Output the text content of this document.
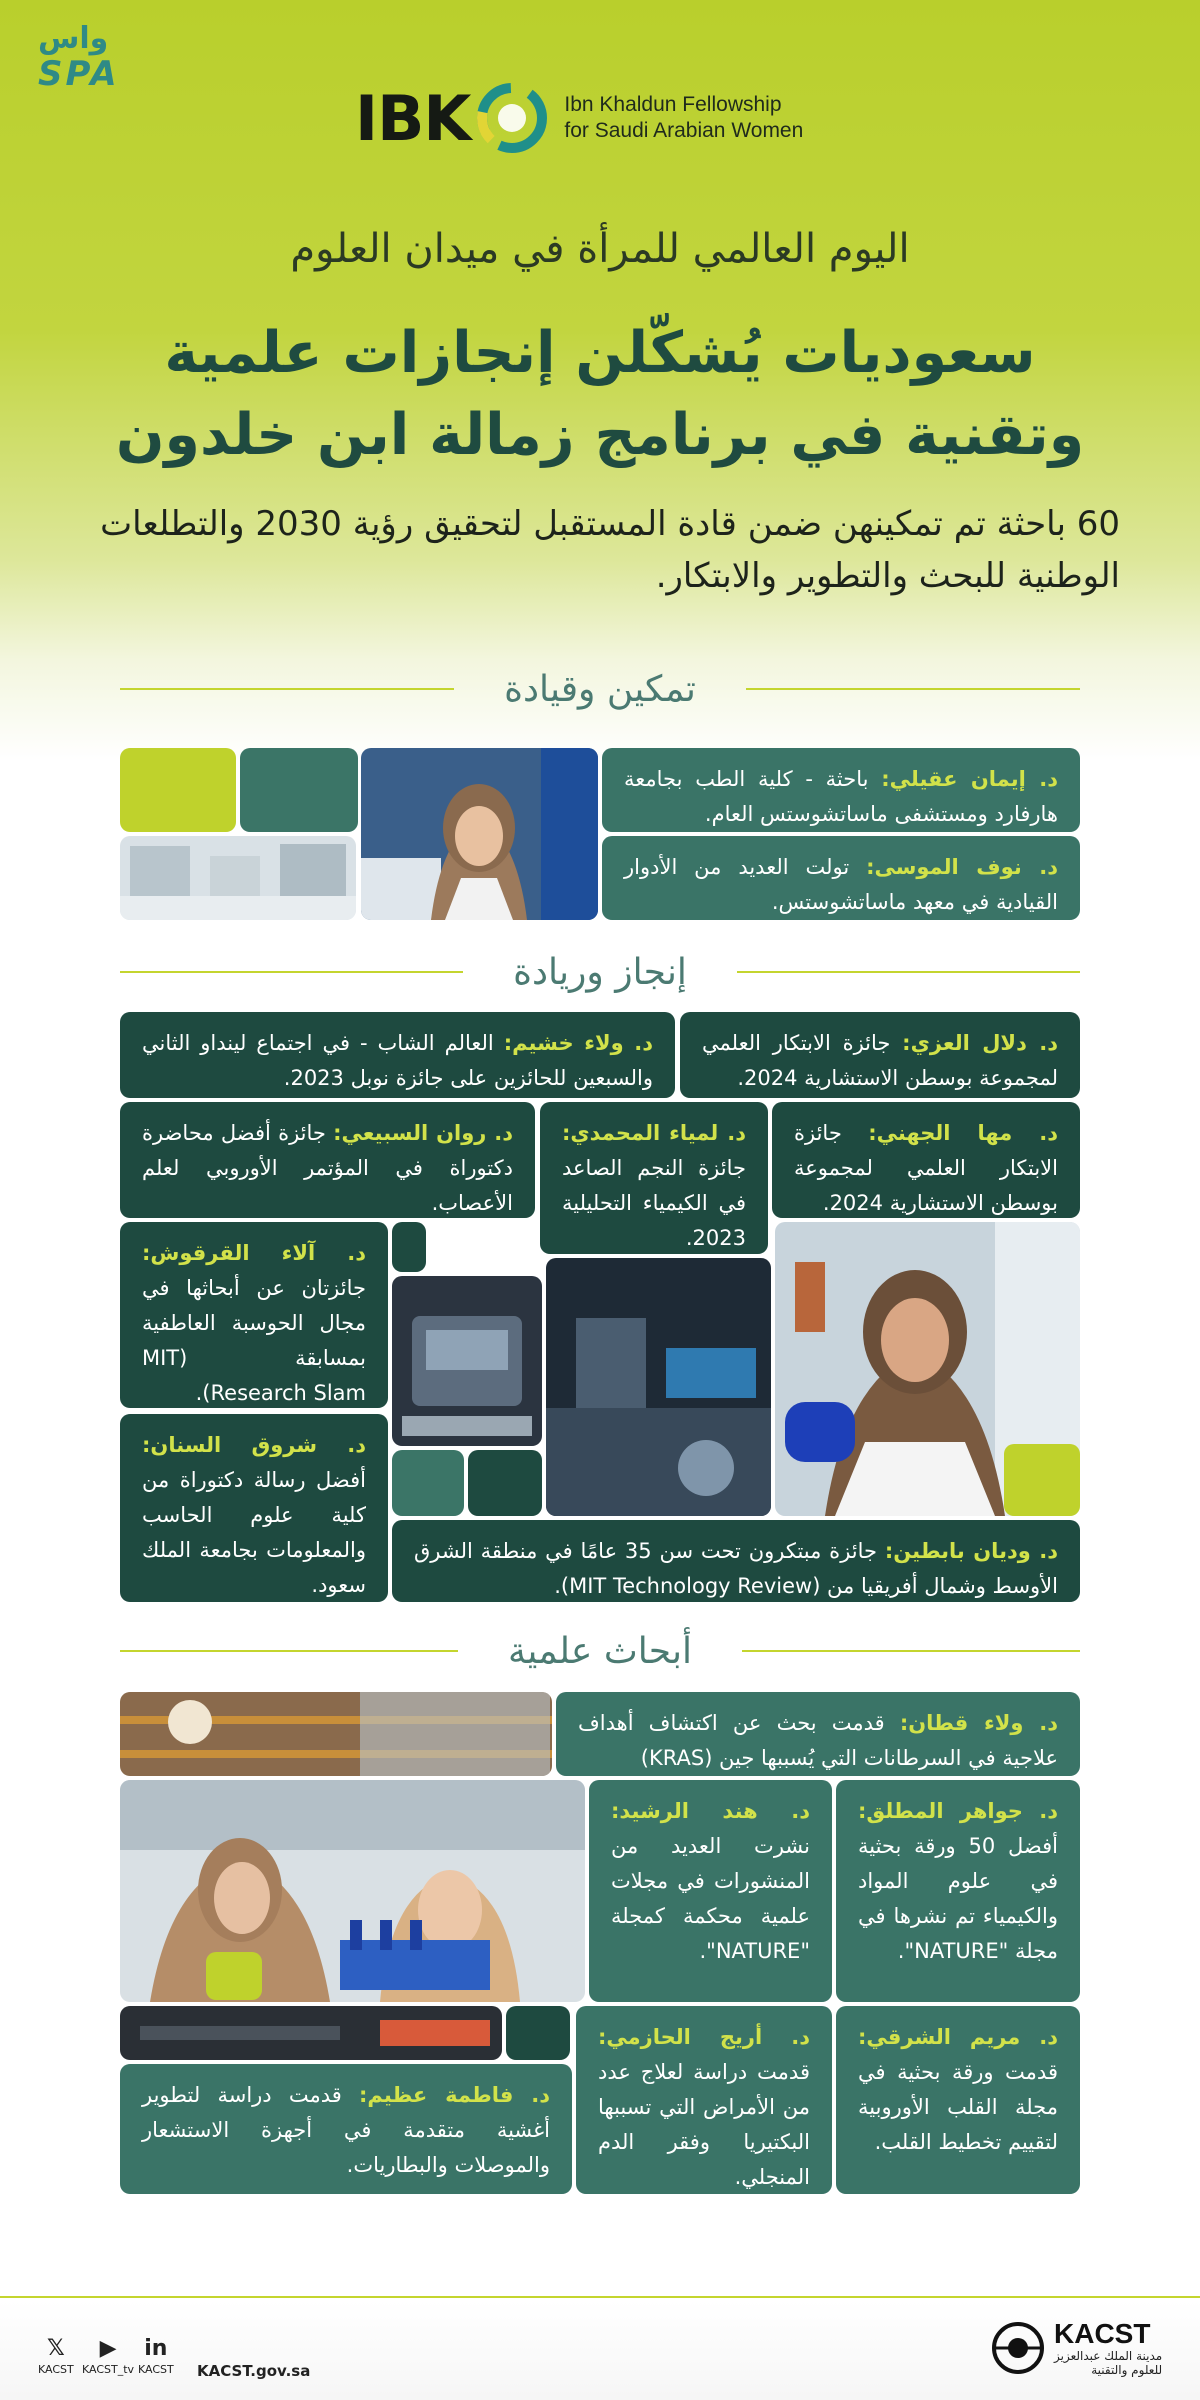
واس
SPA
IBK	Ibn Khaldun Fellowship
for Saudi Arabian Women
اليوم العالمي للمرأة في ميدان العلوم
سعوديات يُشكّلن إنجازات علمية
وتقنية في برنامج زمالة ابن خلدون
60 باحثة تم تمكينهن ضمن قادة المستقبل لتحقيق رؤية 2030 والتطلعات الوطنية للبحث والتطوير والابتكار.
تمكين وقيادة
د. إيمان عقيلي: باحثة - كلية الطب بجامعة هارفارد ومستشفى ماساتشوستس العام.
د. نوف الموسى: تولت العديد من الأدوار القيادية في معهد ماساتشوستس.
إنجاز وريادة
د. ولاء خشيم: العالم الشاب - في اجتماع لينداو الثاني والسبعين للحائزين على جائزة نوبل 2023.
د. دلال العزي: جائزة الابتكار العلمي لمجموعة بوسطن الاستشارية 2024.
د. روان السبيعي: جائزة أفضل محاضرة دكتوراة في المؤتمر الأوروبي لعلم الأعصاب.
د. لمياء المحمدي: جائزة النجم الصاعد في الكيمياء التحليلية 2023.
د. مها الجهني: جائزة الابتكار العلمي لمجموعة بوسطن الاستشارية 2024.
د. آلاء القرقوش: جائزتان عن أبحاثها في مجال الحوسبة العاطفية بمسابقة (MIT Research Slam).
د. شروق السنان: أفضل رسالة دكتوراة من كلية علوم الحاسب والمعلومات بجامعة الملك سعود.
د. وديان بابطين: جائزة مبتكرون تحت سن 35 عامًا في منطقة الشرق الأوسط وشمال أفريقيا من (MIT Technology Review).
أبحاث علمية
د. ولاء قطان: قدمت بحث عن اكتشاف أهداف علاجية في السرطانات التي يُسببها جين (KRAS)
د. هند الرشيد: نشرت العديد من المنشورات في مجلات علمية محكمة كمجلة "NATURE".
د. جواهر المطلق: أفضل 50 ورقة بحثية في علوم المواد والكيمياء تم نشرها في مجلة "NATURE".
د. فاطمة عظيم: قدمت دراسة لتطوير أغشية متقدمة في أجهزة الاستشعار والموصلات والبطاريات.
د. أريج الحازمي: قدمت دراسة لعلاج عدد من الأمراض التي تسببها البكتيريا وفقر الدم المنجلي.
د. مريم الشرقي: قدمت ورقة بحثية في مجلة القلب الأوروبية لتقييم تخطيط القلب.
𝕏
KACST
▶
KACST_tv
in
KACST KACST.gov.sa
KACST
مدينة الملك عبدالعزيز
للعلوم والتقنية
